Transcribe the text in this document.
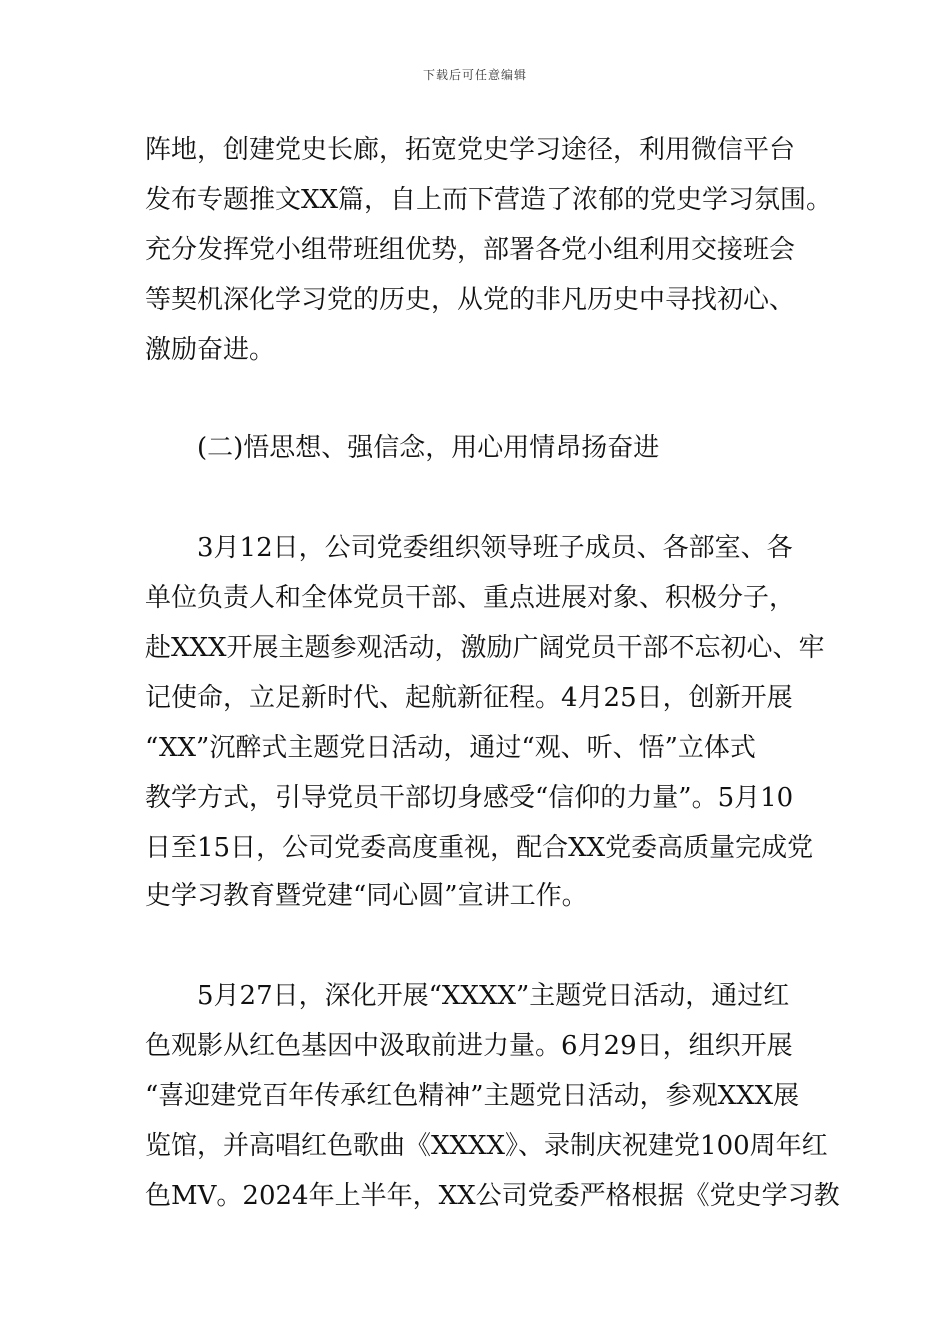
下载后可任意编辑
阵地，创建党史长廊，拓宽党史学习途径，利用微信平台
发布专题推文XX篇，自上而下营造了浓郁的党史学习氛围。
充分发挥党小组带班组优势，部署各党小组利用交接班会
等契机深化学习党的历史，从党的非凡历史中寻找初心、
激励奋进。
(二)悟思想、强信念，用心用情昂扬奋进
3月12日，公司党委组织领导班子成员、各部室、各
单位负责人和全体党员干部、重点进展对象、积极分子，
赴XXX开展主题参观活动，激励广阔党员干部不忘初心、牢
记使命，立足新时代、起航新征程。4月25日，创新开展
“XX”沉醉式主题党日活动，通过“观、听、悟”立体式
教学方式，引导党员干部切身感受“信仰的力量”。5月10
日至15日，公司党委高度重视，配合XX党委高质量完成党
史学习教育暨党建“同心圆”宣讲工作。
5月27日，深化开展“XXXX”主题党日活动，通过红
色观影从红色基因中汲取前进力量。6月29日，组织开展
“喜迎建党百年传承红色精神”主题党日活动，参观XXX展
览馆，并高唱红色歌曲《XXXX》、录制庆祝建党100周年红
色MV。2024年上半年，XX公司党委严格根据《党史学习教
